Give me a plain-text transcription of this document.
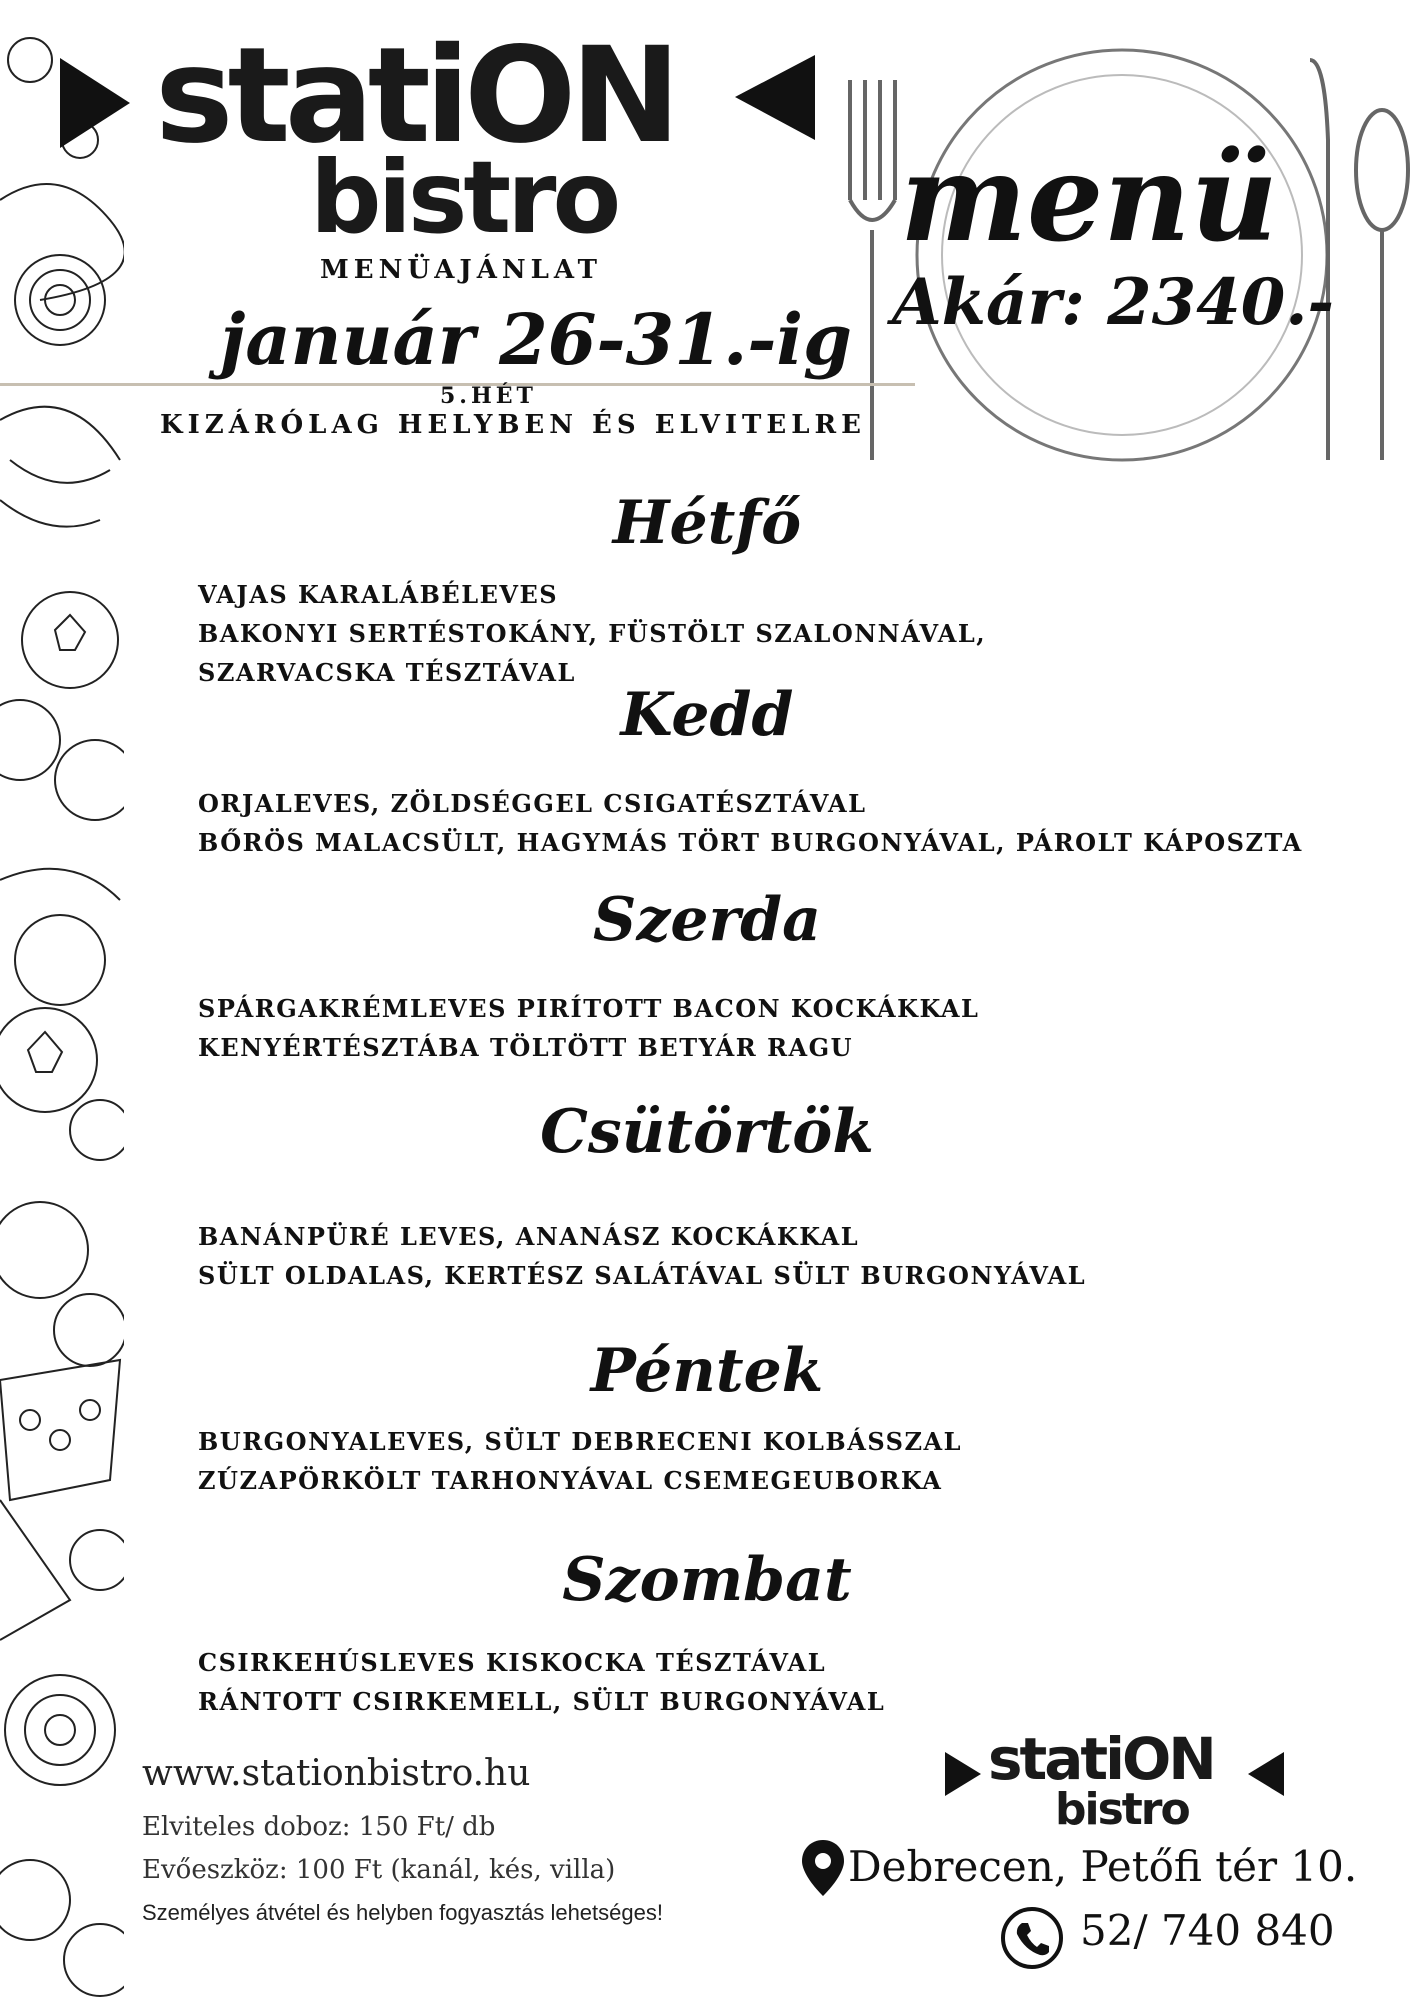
statiON
bistro
MENÜAJÁNLAT
január 26-31.-ig
5.HÉT
KIZÁRÓLAG HELYBEN ÉS ELVITELRE
menü
Akár: 2340.-
Hétfő
VAJAS KARALÁBÉLEVES
BAKONYI SERTÉSTOKÁNY, FÜSTÖLT SZALONNÁVAL,
SZARVACSKA TÉSZTÁVAL
Kedd
ORJALEVES, ZÖLDSÉGGEL CSIGATÉSZTÁVAL
BŐRÖS MALACSÜLT, HAGYMÁS TÖRT BURGONYÁVAL, PÁROLT KÁPOSZTA
Szerda
SPÁRGAKRÉMLEVES PIRÍTOTT BACON KOCKÁKKAL
KENYÉRTÉSZTÁBA TÖLTÖTT BETYÁR RAGU
Csütörtök
BANÁNPÜRÉ LEVES, ANANÁSZ KOCKÁKKAL
SÜLT OLDALAS, KERTÉSZ SALÁTÁVAL SÜLT BURGONYÁVAL
Péntek
BURGONYALEVES, SÜLT DEBRECENI KOLBÁSSZAL
ZÚZAPÖRKÖLT TARHONYÁVAL CSEMEGEUBORKA
Szombat
CSIRKEHÚSLEVES KISKOCKA TÉSZTÁVAL
RÁNTOTT CSIRKEMELL, SÜLT BURGONYÁVAL
www.stationbistro.hu
Elviteles doboz: 150 Ft/ db
Evőeszköz: 100 Ft (kanál, kés, villa)
Személyes átvétel és helyben fogyasztás lehetséges!
statiON
bistro
Debrecen, Petőfi tér 10.
52/ 740 840
